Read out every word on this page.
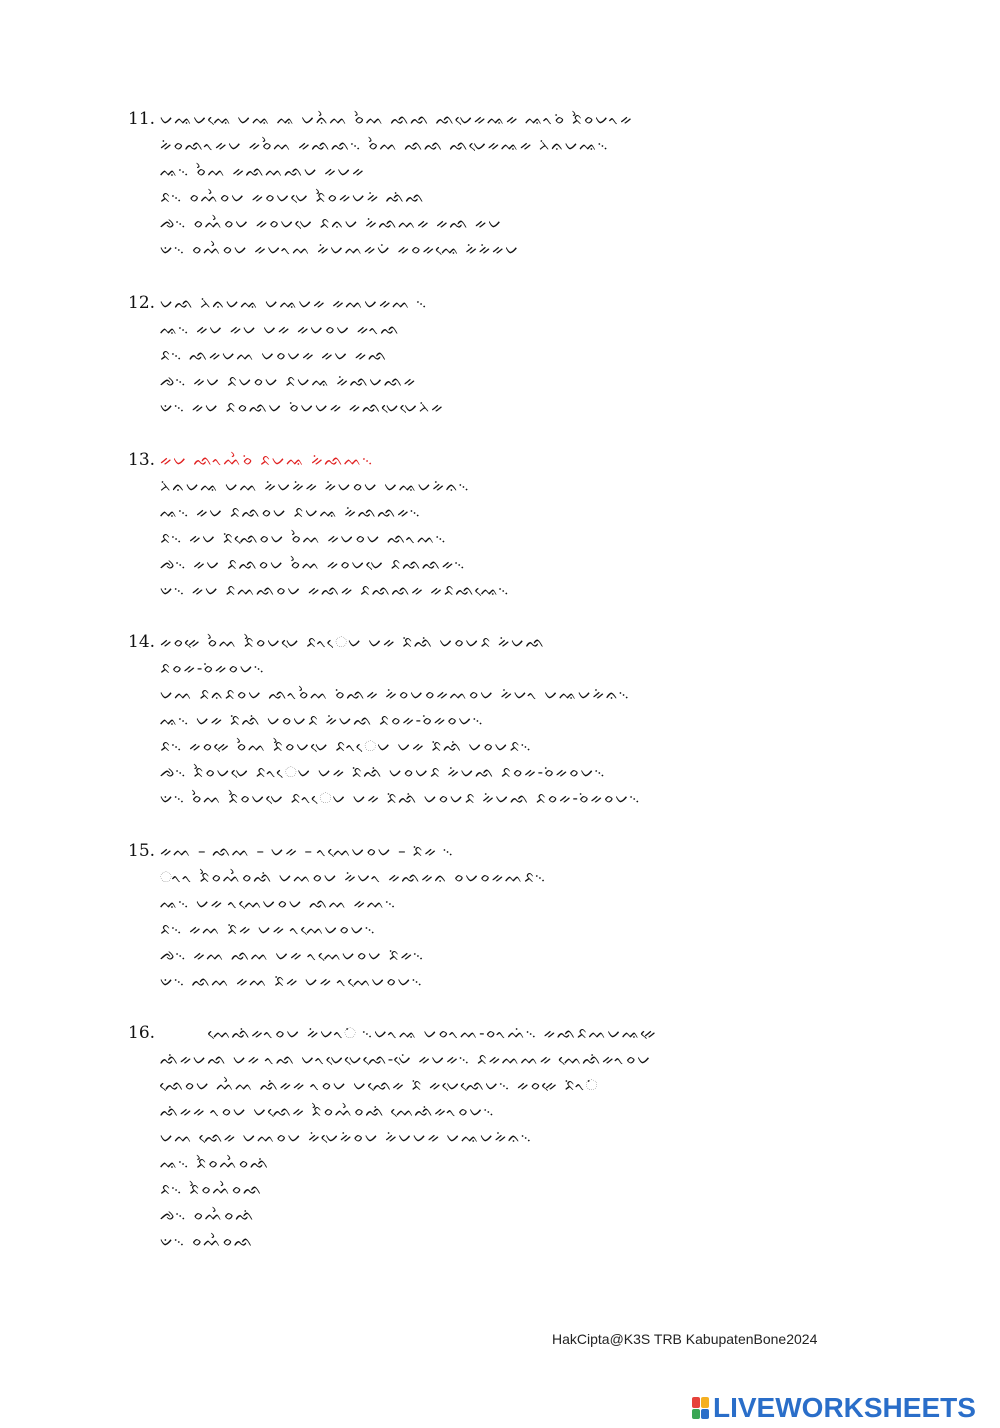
11. ᨆᨕᨆᨕᨙ ᨆᨕ ᨕ ᨆᨊᨛᨓ ᨔᨛᨓ ᨒᨒ ᨒᨆᨙᨀᨕᨀ ᨕᨚᨔᨗ ᨅᨛᨔᨆᨚᨀ
ᨀᨗᨔᨒᨚᨀᨆ ᨀᨔᨛᨓ ᨀᨒᨒ᨞ ᨔᨛᨓ ᨒᨒ ᨒᨆᨙᨀᨕᨀ ᨂᨗᨊᨆᨕ᨞
ᨕ᨞ ᨔᨛᨓ ᨀᨒᨓᨒᨆ ᨀᨆᨀ
ᨅ᨞ ᨔᨓᨛᨔᨆ ᨀᨔᨆᨆᨙ ᨅᨛᨔᨀᨆᨀᨗ ᨒᨗᨒ
ᨌ᨞ ᨔᨓᨛᨔᨆ ᨀᨔᨆᨆᨙ ᨅᨊᨆ ᨀᨗᨒᨓᨀ ᨀᨒ ᨀᨆ
ᨉ᨞ ᨔᨓᨛᨔᨆ ᨀᨆᨚᨓ ᨀᨗᨆᨓᨀᨆᨗ ᨀᨔᨀᨕᨙ ᨀᨗᨀᨗᨀᨆ
12. ᨆᨒ ᨂᨗᨊᨆᨕ ᨆᨕᨆᨀ ᨀᨓᨆᨀᨓ ᨞
ᨕ᨞ ᨀᨆ ᨀᨆ ᨆᨀ ᨀᨆᨔᨆ ᨀᨚᨒ
ᨅ᨞ ᨒᨀᨆᨓ ᨆᨔᨆᨀ ᨀᨆ ᨀᨒ
ᨌ᨞ ᨀᨆ ᨅᨆᨔᨆ ᨅᨆᨕ ᨀᨗᨒᨆᨒᨀ
ᨉ᨞ ᨀᨆ ᨅᨔᨒᨆ ᨔᨗᨆᨆᨀ ᨀᨒᨆᨙᨆᨙᨂᨗᨀ
13. ᨀᨆ ᨒᨚᨓᨛᨔᨗ ᨅᨆᨕ ᨀᨗᨒᨓ᨞
ᨂᨗᨊᨆᨕ ᨆᨓ ᨀᨗᨆᨀᨗᨀ ᨀᨗᨆᨔᨆ ᨆᨕᨆᨀᨗᨊ᨞
ᨕ᨞ ᨀᨆ ᨅᨒᨔᨆ ᨅᨆᨕ ᨀᨗᨒᨒᨀ᨞
ᨅ᨞ ᨀᨆ ᨅᨗᨒᨙᨔᨆ ᨔᨛᨓ ᨀᨆᨔᨆ ᨒᨚᨓ᨞
ᨌ᨞ ᨀᨆ ᨅᨒᨔᨆ ᨔᨛᨓ ᨀᨔᨆᨆᨙ ᨅᨒᨒᨀ᨞
ᨉ᨞ ᨀᨆ ᨅᨓᨒᨔᨆ ᨀᨒᨀ ᨅᨒᨒᨀ ᨀᨅᨒᨕᨙ᨞
14. ᨀᨔᨀᨙ ᨔᨛᨓ ᨅᨛᨔᨆᨆᨙ ᨅᨚᨙᨆ ᨆᨀ ᨅᨗᨒᨗ ᨆᨔᨆᨅ ᨀᨗᨆᨒ
ᨅᨔᨀ-ᨔᨗᨀᨔᨆ᨞
ᨆᨓ ᨅᨊᨅᨔᨆ ᨒᨚᨔᨛᨓ ᨔᨗᨒᨀ ᨀᨗᨔᨆᨔᨀᨓᨔᨆ ᨀᨗᨆᨚ ᨆᨕᨆᨀᨗᨊ᨞
ᨕ᨞ ᨆᨀ ᨅᨗᨒᨗ ᨆᨔᨆᨅ ᨀᨗᨆᨒ ᨅᨔᨀ-ᨔᨗᨀᨔᨆ᨞
ᨅ᨞ ᨀᨔᨀᨙ ᨔᨛᨓ ᨅᨛᨔᨆᨆᨙ ᨅᨚᨙᨆ ᨆᨀ ᨅᨗᨒᨗ ᨆᨔᨆᨅ᨞
ᨌ᨞ ᨅᨛᨔᨆᨆᨙ ᨅᨚᨙᨆ ᨆᨀ ᨅᨗᨒᨗ ᨆᨔᨆᨅ ᨀᨗᨆᨒ ᨅᨔᨀ-ᨔᨗᨀᨔᨆ᨞
ᨉ᨞ ᨔᨛᨓ ᨅᨛᨔᨆᨆᨙ ᨅᨚᨙᨆ ᨆᨀ ᨅᨗᨒᨗ ᨆᨔᨆᨅ ᨀᨗᨆᨒ ᨅᨔᨀ-ᨔᨗᨀᨔᨆ᨞
15. ᨀᨓ – ᨒᨓ – ᨆᨀ – ᨚᨓᨙᨆᨔᨆ – ᨅᨗᨀ ᨞
ᨚᨚ ᨅᨛᨔᨓᨛᨔᨒᨗ ᨆᨓᨔᨆ ᨀᨗᨆᨚ ᨀᨒᨀᨊ ᨔᨆᨔᨀᨓᨅ᨞
ᨕ᨞ ᨆᨀ ᨚᨓᨙᨆᨔᨆ ᨒᨓ ᨀᨓ᨞
ᨅ᨞ ᨀᨓ ᨅᨗᨀ ᨆᨀ ᨚᨓᨙᨆᨔᨆ᨞
ᨌ᨞ ᨀᨓ ᨒᨓ ᨆᨀ ᨚᨓᨙᨆᨔᨆ ᨅᨗᨀ᨞
ᨉ᨞ ᨒᨓ ᨀᨓ ᨅᨗᨀ ᨆᨀ ᨚᨓᨙᨆᨔᨆ᨞
16.	ᨓᨙᨒᨗᨀᨚᨔᨆ ᨀᨗᨆᨚᨗ ᨞ᨆᨚᨕ ᨆᨔᨚᨓ-ᨔᨚᨓᨗ᨞ ᨀᨒᨅᨓᨆᨕᨀᨙ
ᨒᨗᨀᨆᨒ ᨆᨀ ᨚᨒ ᨆᨚᨆᨙᨆᨙᨒᨙ-ᨆᨙᨗ ᨀᨆᨀ᨞ ᨅᨀᨓᨓᨀ ᨓᨙᨒᨗᨀᨚᨔᨆ
ᨒᨙᨔᨆ ᨓᨛᨓ ᨒᨗᨀᨀ ᨚᨔᨆ ᨆᨒᨙᨀ ᨅᨗ ᨀᨆᨙᨒᨙᨆ᨞ ᨀᨔᨀᨙ ᨅᨗᨚᨗ
ᨒᨗᨀᨀ ᨚᨔᨆ ᨆᨒᨙᨀ ᨅᨛᨔᨓᨛᨔᨒᨗ ᨓᨙᨒᨗᨀᨚᨔᨆ᨞
ᨆᨓ ᨒᨙᨀ ᨆᨓᨔᨆ ᨀᨗᨆᨙᨀᨗᨔᨆ ᨀᨗᨆᨆᨀ ᨆᨕᨆᨀᨗᨊ᨞
ᨕ᨞ ᨅᨛᨔᨓᨛᨔᨒᨗ
ᨅ᨞ ᨅᨛᨔᨓᨛᨔᨒ
ᨌ᨞ ᨔᨓᨛᨔᨒᨗ
ᨉ᨞ ᨔᨓᨛᨔᨒ
HakCipta@K3S TRB KabupatenBone2024
LIVEWORKSHEETS
